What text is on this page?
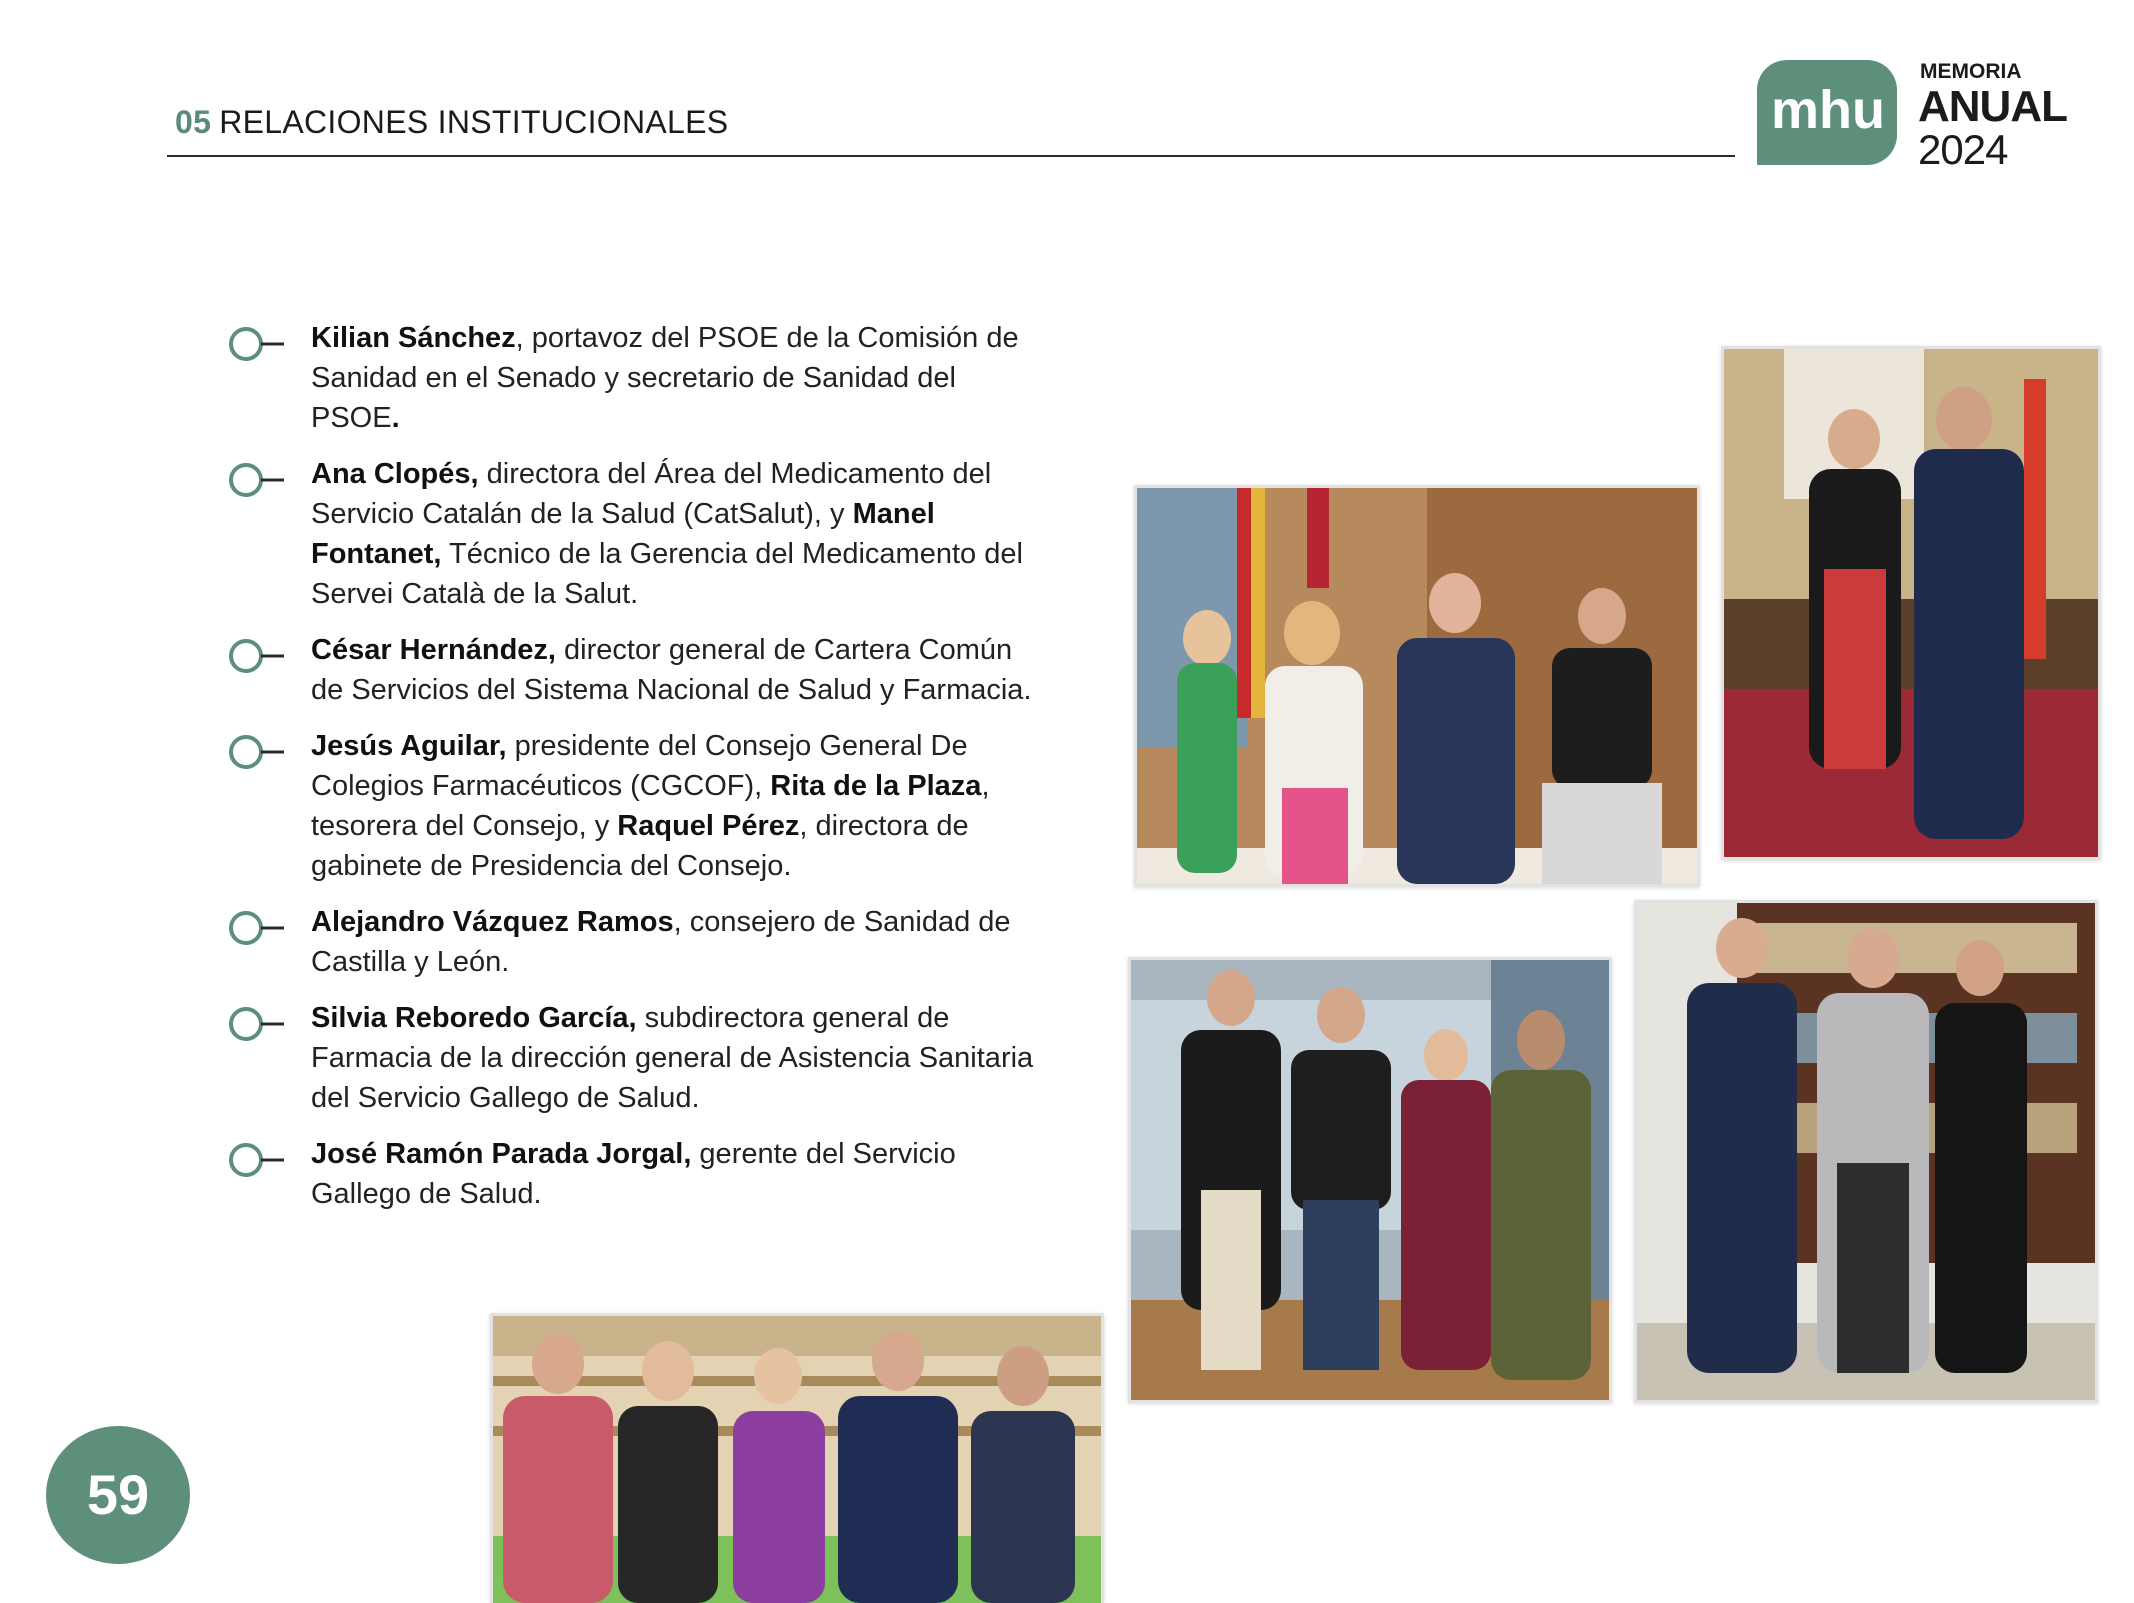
05 RELACIONES INSTITUCIONALES	mhu
MEMORIA
ANUAL
2024
Kilian Sánchez, portavoz del PSOE de la Comisión de Sanidad en el Senado y secretario de Sanidad del PSOE.
Ana Clopés, directora del Área del Medicamento del Servicio Catalán de la Salud (CatSalut), y Manel Fontanet, Técnico de la Gerencia del Medicamento del Servei Català de la Salut.
César Hernández, director general de Cartera Común de Servicios del Sistema Nacional de Salud y Farmacia.
Jesús Aguilar, presidente del Consejo General De Colegios Farmacéuticos (CGCOF), Rita de la Plaza, tesorera del Consejo, y Raquel Pérez, directora de gabinete de Presidencia del Consejo.
Alejandro Vázquez Ramos, consejero de Sanidad de Castilla y León.
Silvia Reboredo García, subdirectora general de Farmacia de la dirección general de Asistencia Sanitaria del Servicio Gallego de Salud.
José Ramón Parada Jorgal, gerente del Servicio Gallego de Salud.
59
